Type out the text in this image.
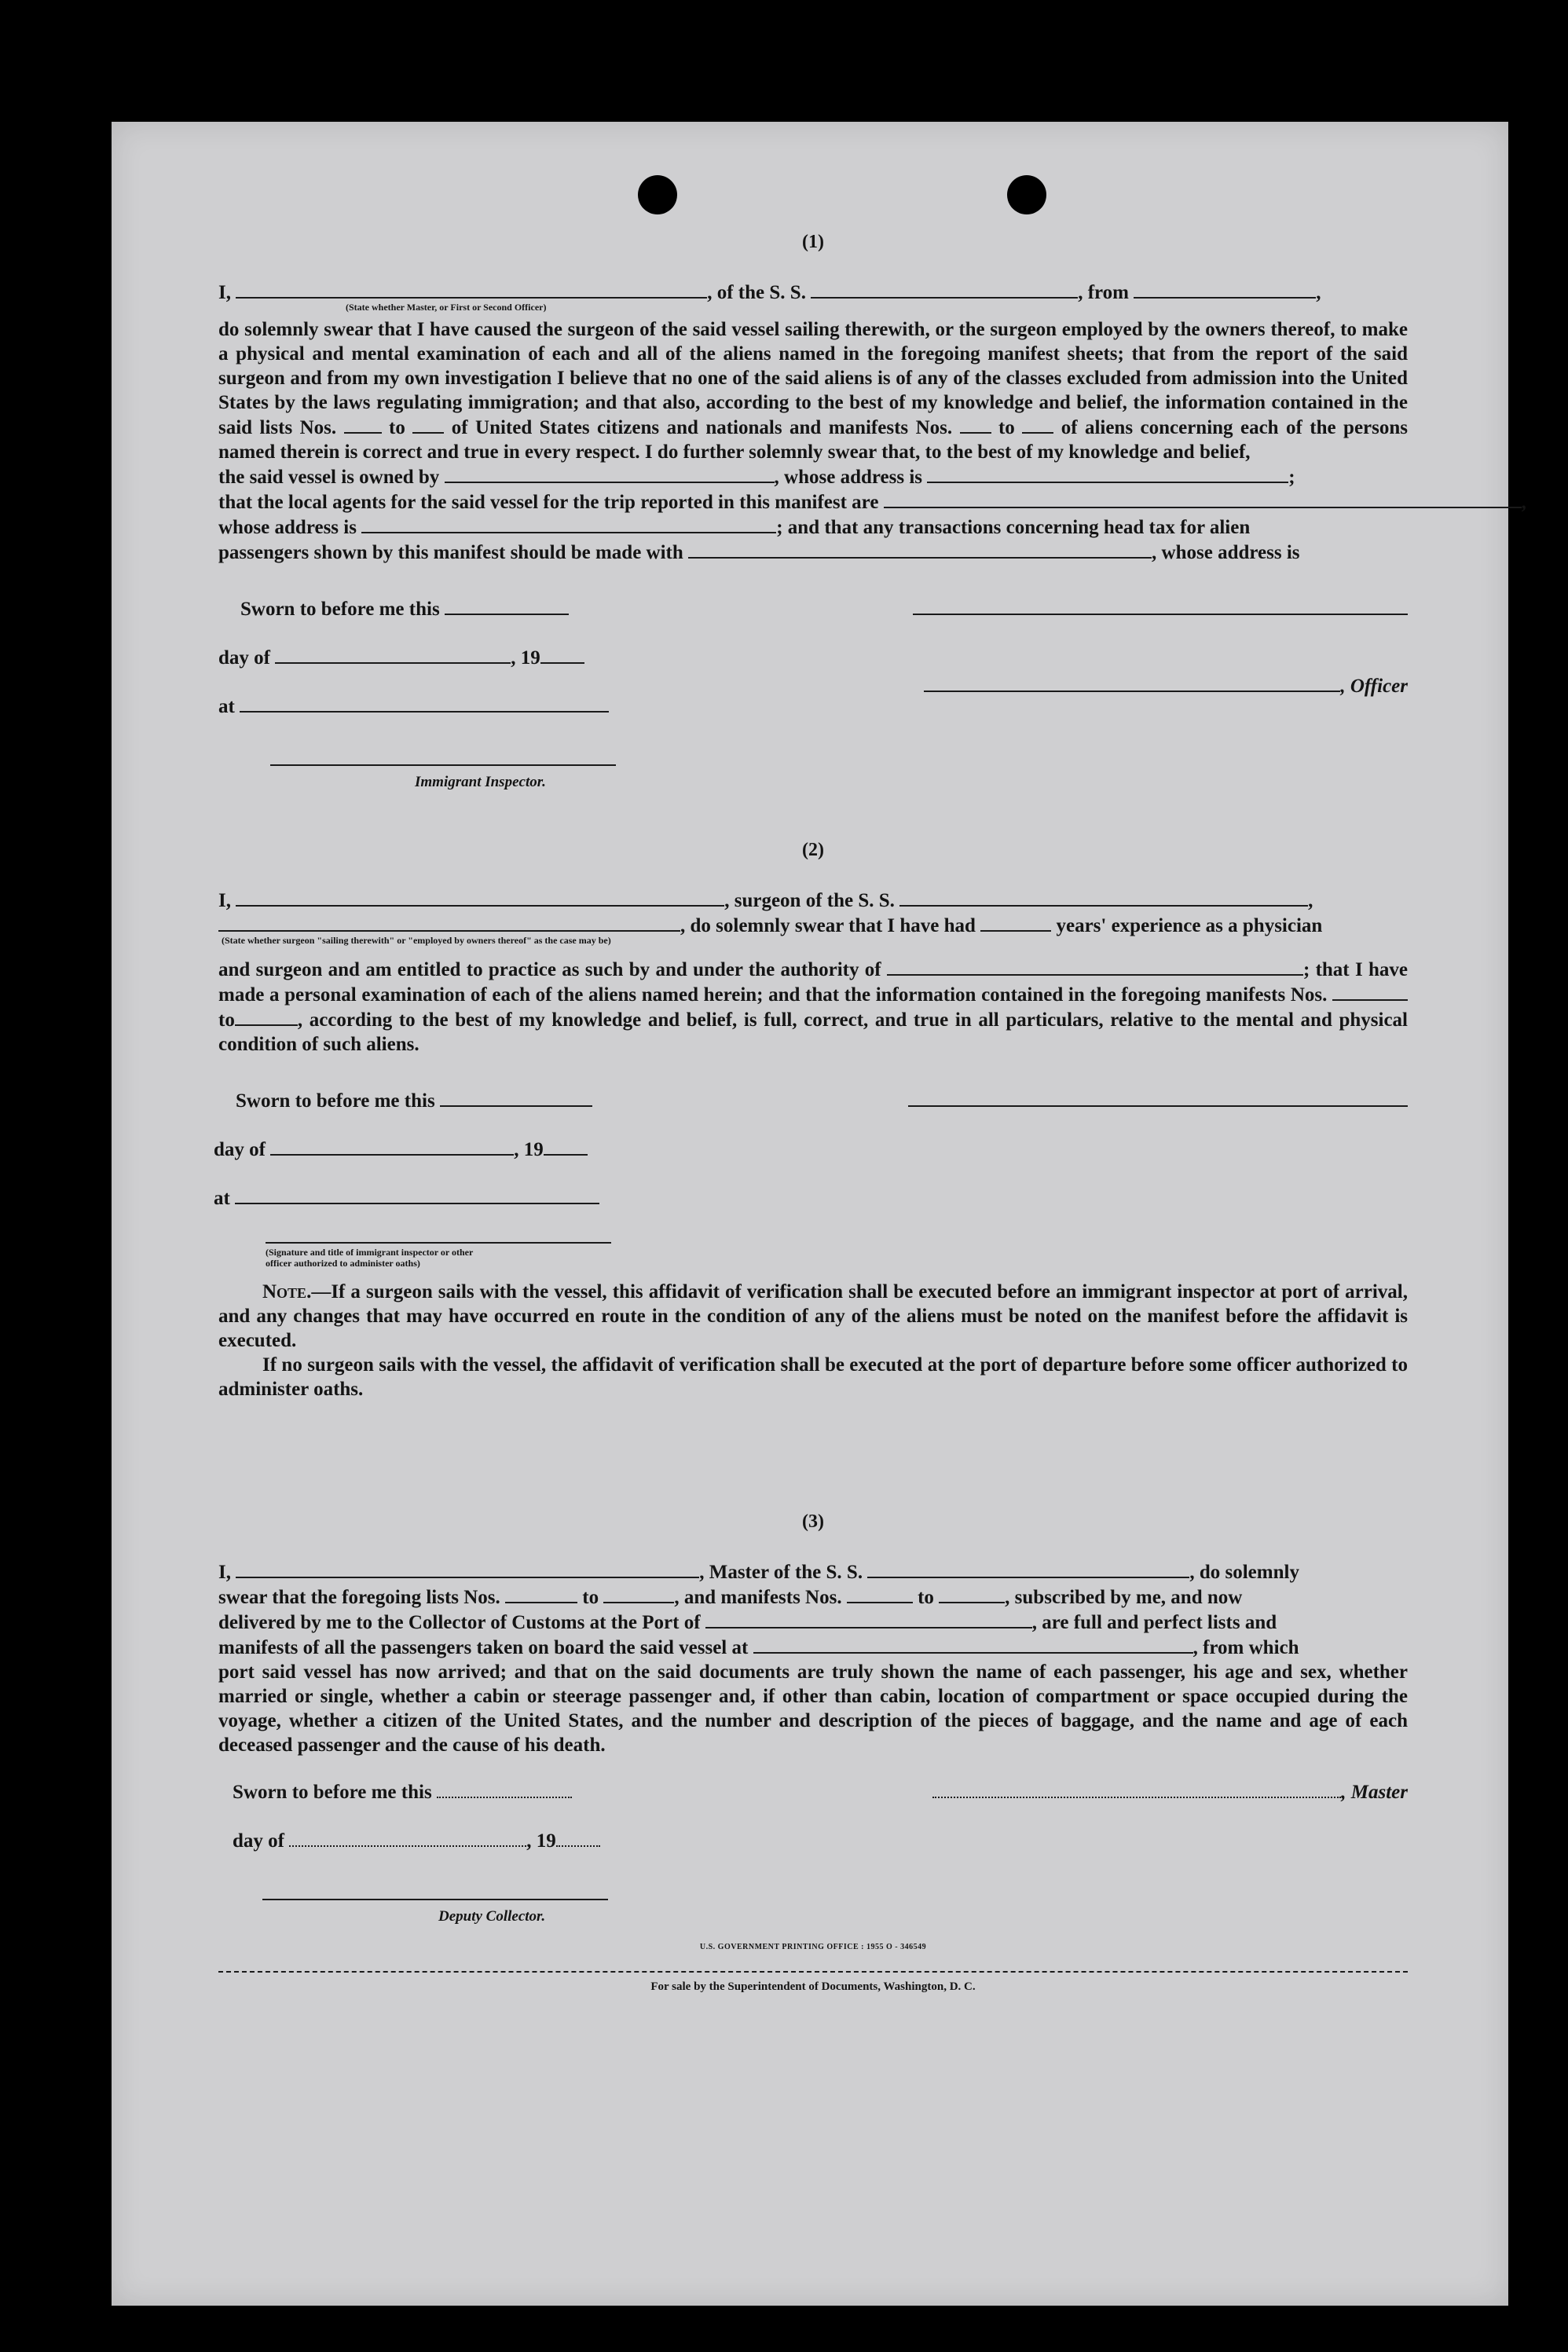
(1)
I,	, of the S. S.	, from	,
(State whether Master, or First or Second Officer)
do solemnly swear that I have caused the surgeon of the said vessel sailing therewith, or the surgeon employed by the owners thereof, to make a physical and mental examination of each and all of the aliens named in the foregoing manifest sheets; that from the report of the said surgeon and from my own investigation I believe that no one of the said aliens is of any of the classes excluded from admission into the United States by the laws regulating immigration; and that also, according to the best of my knowledge and belief, the information contained in the said lists Nos.	to of United States citizens and nationals and manifests Nos. to of aliens concerning each of the persons named therein is correct and true in every respect. I do further solemnly swear that, to the best of my knowledge and belief,
the said vessel is owned by	, whose address is	;
that the local agents for the said vessel for the trip reported in this manifest are	,
whose address is	; and that any transactions concerning head tax for alien
passengers shown by this manifest should be made with	, whose address is
Sworn to before me this
day of	, 19
, Officer
at
Immigrant Inspector.
(2)
I,	, surgeon of the S. S.	,
, do solemnly swear that I have had	years' experience as a physician
(State whether surgeon "sailing therewith" or "employed by owners thereof" as the case may be)
and surgeon and am entitled to practice as such by and under the authority of	; that I have made a personal examination of each of the aliens named herein; and that the information contained in the foregoing manifests Nos.  to	, according to the best of my knowledge and belief, is full, correct, and true in all particulars, relative to the mental and physical condition of such aliens.
Sworn to before me this
day of	, 19
at
(Signature and title of immigrant inspector or other officer authorized to administer oaths)
Note.—If a surgeon sails with the vessel, this affidavit of verification shall be executed before an immigrant inspector at port of arrival, and any changes that may have occurred en route in the condition of any of the aliens must be noted on the manifest before the affidavit is executed.
If no surgeon sails with the vessel, the affidavit of verification shall be executed at the port of departure before some officer authorized to administer oaths.
(3)
I,	, Master of the S. S.	, do solemnly
swear that the foregoing lists Nos.	to	, and manifests Nos.	to	, subscribed by me, and now
delivered by me to the Collector of Customs at the Port of	, are full and perfect lists and
manifests of all the passengers taken on board the said vessel at	, from which
port said vessel has now arrived; and that on the said documents are truly shown the name of each passenger, his age and sex, whether married or single, whether a cabin or steerage passenger and, if other than cabin, location of compartment or space occupied during the voyage, whether a citizen of the United States, and the number and description of the pieces of baggage, and the name and age of each deceased passenger and the cause of his death.
Sworn to before me this	, Master
day of	, 19
Deputy Collector.
U.S. GOVERNMENT PRINTING OFFICE : 1955 O - 346549
For sale by the Superintendent of Documents, Washington, D. C.
